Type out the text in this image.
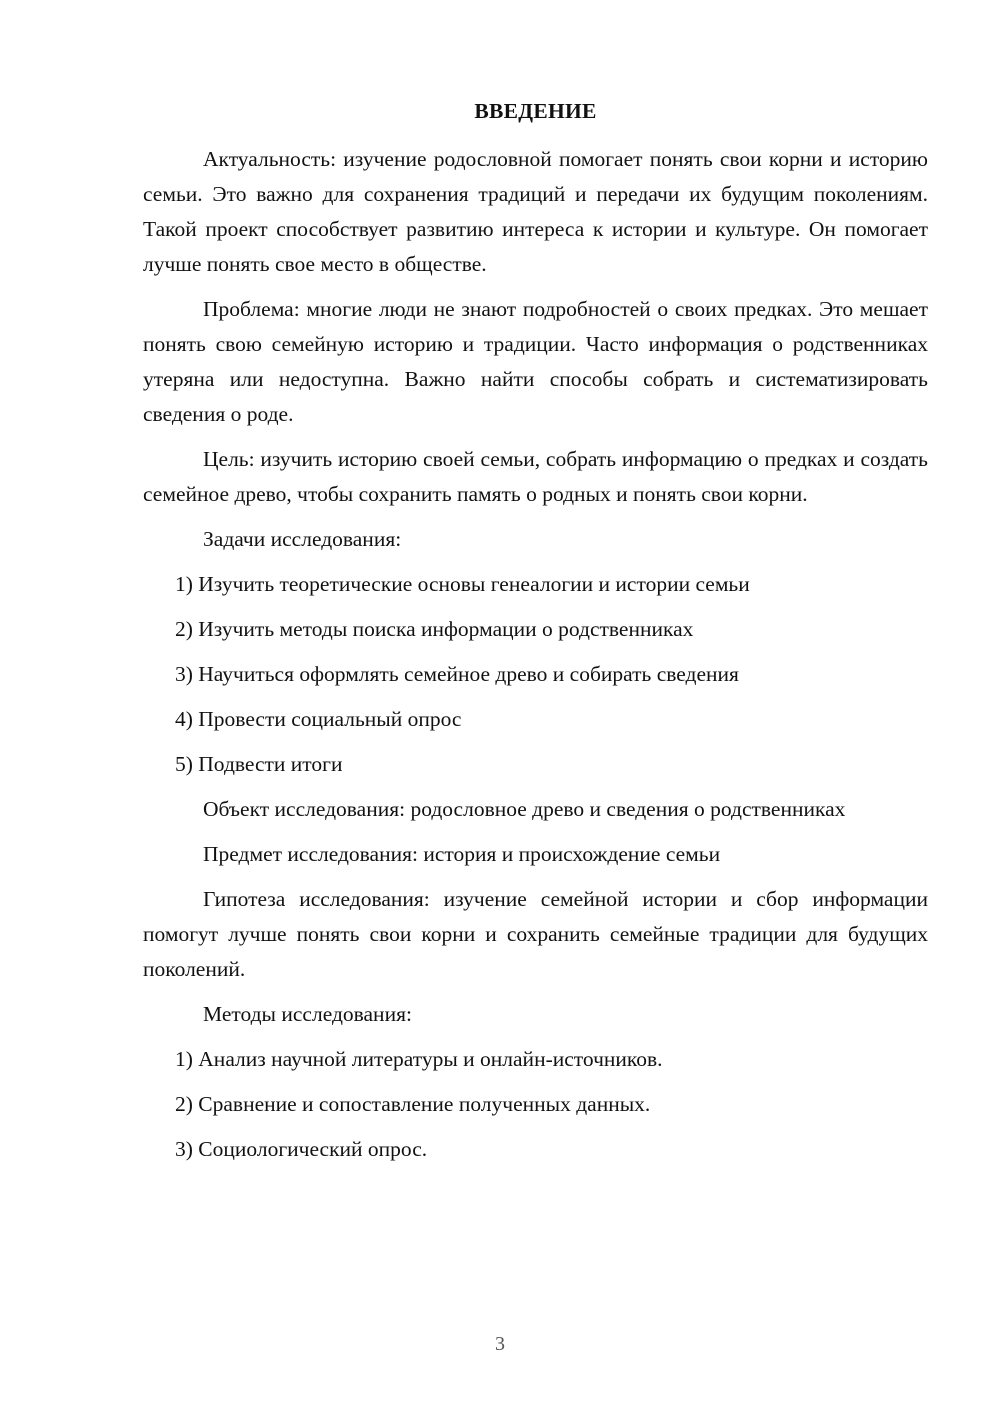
ВВЕДЕНИЕ

Актуальность: изучение родословной помогает понять свои корни и историю семьи. Это важно для сохранения традиций и передачи их будущим поколениям. Такой проект способствует развитию интереса к истории и культуре. Он помогает лучше понять свое место в обществе.

Проблема: многие люди не знают подробностей о своих предках. Это мешает понять свою семейную историю и традиции. Часто информация о родственниках утеряна или недоступна. Важно найти способы собрать и систематизировать сведения о роде.

Цель: изучить историю своей семьи, собрать информацию о предках и создать семейное древо, чтобы сохранить память о родных и понять свои корни.

Задачи исследования:

1) Изучить теоретические основы генеалогии и истории семьи

2) Изучить методы поиска информации о родственниках

3) Научиться оформлять семейное древо и собирать сведения

4) Провести социальный опрос

5) Подвести итоги

Объект исследования: родословное древо и сведения о родственниках

Предмет исследования: история и происхождение семьи

Гипотеза исследования: изучение семейной истории и сбор информации помогут лучше понять свои корни и сохранить семейные традиции для будущих поколений.

Методы исследования:

1) Анализ научной литературы и онлайн-источников.

2) Сравнение и сопоставление полученных данных.

3) Социологический опрос.

3
